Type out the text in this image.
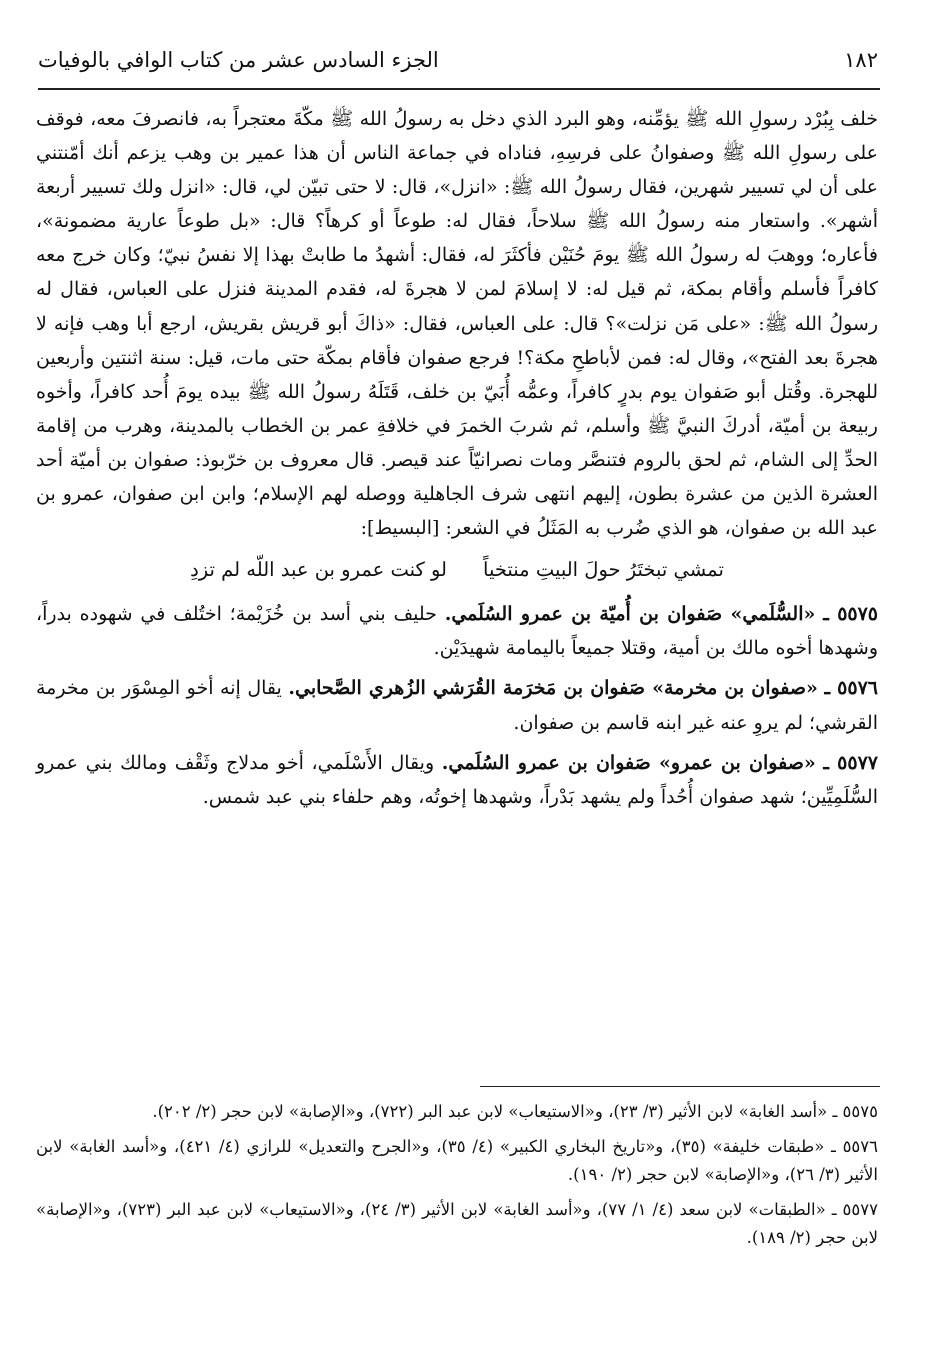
١٨٢
الجزء السادس عشر من كتاب الوافي بالوفيات

خلف بِبُرْد رسولِ الله ﷺ يؤمِّنه، وهو البرد الذي دخل به رسولُ الله ﷺ مكّةَ معتجراً به، فانصرفَ معه، فوقف على رسولِ الله ﷺ وصفوانُ على فرسِهِ، فناداه في جماعة الناس أن هذا عمير بن وهب يزعم أنك أمّنتني على أن لي تسيير شهرين، فقال رسولُ الله ﷺ: «انزل»، قال: لا حتى تبيّن لي، قال: «انزل ولك تسيير أربعة أشهر». واستعار منه رسولُ الله ﷺ سلاحاً، فقال له: طوعاً أو كرهاً؟ قال: «بل طوعاً عارية مضمونة»، فأعاره؛ ووهبَ له رسولُ الله ﷺ يومَ حُنَيْن فأكثَرَ له، فقال: أشهدُ ما طابتْ بهذا إلا نفسُ نبيّ؛ وكان خرج معه كافراً فأسلم وأقام بمكة، ثم قيل له: لا إسلامَ لمن لا هجرةَ له، فقدم المدينة فنزل على العباس، فقال له رسولُ الله ﷺ: «على مَن نزلت»؟ قال: على العباس، فقال: «ذاكَ أبو قريش بقريش، ارجع أبا وهب فإنه لا هجرةَ بعد الفتح»، وقال له: فمن لأباطحِ مكة؟! فرجع صفوان فأقام بمكّة حتى مات، قيل: سنة اثنتين وأربعين للهجرة. وقُتل أبو صَفوان يوم بدرٍ كافراً، وعمُّه أُبَيّ بن خلف، قَتَلَهُ رسولُ الله ﷺ بيده يومَ أُحد كافراً، وأخوه ربيعة بن أميّة، أدركَ النبيَّ ﷺ وأسلم، ثم شربَ الخمرَ في خلافةِ عمر بن الخطاب بالمدينة، وهرب من إقامة الحدِّ إلى الشام، ثم لحق بالروم فتنصَّر ومات نصرانيّاً عند قيصر. قال معروف بن خرّبوذ: صفوان بن أميّة أحد العشرة الذين من عشرة بطون، إليهم انتهى شرف الجاهلية ووصله لهم الإسلام؛ وابن ابن صفوان، عمرو بن عبد الله بن صفوان، هو الذي ضُرب به المَثَلُ في الشعر: [البسيط]:

تمشي تبختَرُ حولَ البيتِ منتخياً
لو كنت عمرو بن عبد اللّه لم تزدِ

٥٥٧٥ ـ «السُّلَمي» صَفوان بن أُميّة بن عمرو السُلَمي. حليف بني أسد بن خُزَيْمة؛ اختُلف في شهوده بدراً، وشهدها أخوه مالك بن أمية، وقتلا جميعاً باليمامة شهيدَيْن.

٥٥٧٦ ـ «صفوان بن مخرمة» صَفوان بن مَخرَمة القُرَشي الزُهري الصَّحابي. يقال إنه أخو المِسْوَر بن مخرمة القرشي؛ لم يروِ عنه غير ابنه قاسم بن صفوان.

٥٥٧٧ ـ «صفوان بن عمرو» صَفوان بن عمرو السُلَمي. ويقال الأَسْلَمي، أخو مدلاج وثَقْف ومالك بني عمرو السُّلَمِيِّين؛ شهد صفوان أُحُداً ولم يشهد بَدْراً، وشهدها إخوتُه، وهم حلفاء بني عبد شمس.

٥٥٧٥ ـ «أسد الغابة» لابن الأثير (٣/ ٢٣)، و«الاستيعاب» لابن عبد البر (٧٢٢)، و«الإصابة» لابن حجر (٢/ ٢٠٢).

٥٥٧٦ ـ «طبقات خليفة» (٣٥)، و«تاريخ البخاري الكبير» (٤/ ٣٥)، و«الجرح والتعديل» للرازي (٤/ ٤٢١)، و«أسد الغابة» لابن الأثير (٣/ ٢٦)، و«الإصابة» لابن حجر (٢/ ١٩٠).

٥٥٧٧ ـ «الطبقات» لابن سعد (٤/ ١/ ٧٧)، و«أسد الغابة» لابن الأثير (٣/ ٢٤)، و«الاستيعاب» لابن عبد البر (٧٢٣)، و«الإصابة» لابن حجر (٢/ ١٨٩).
